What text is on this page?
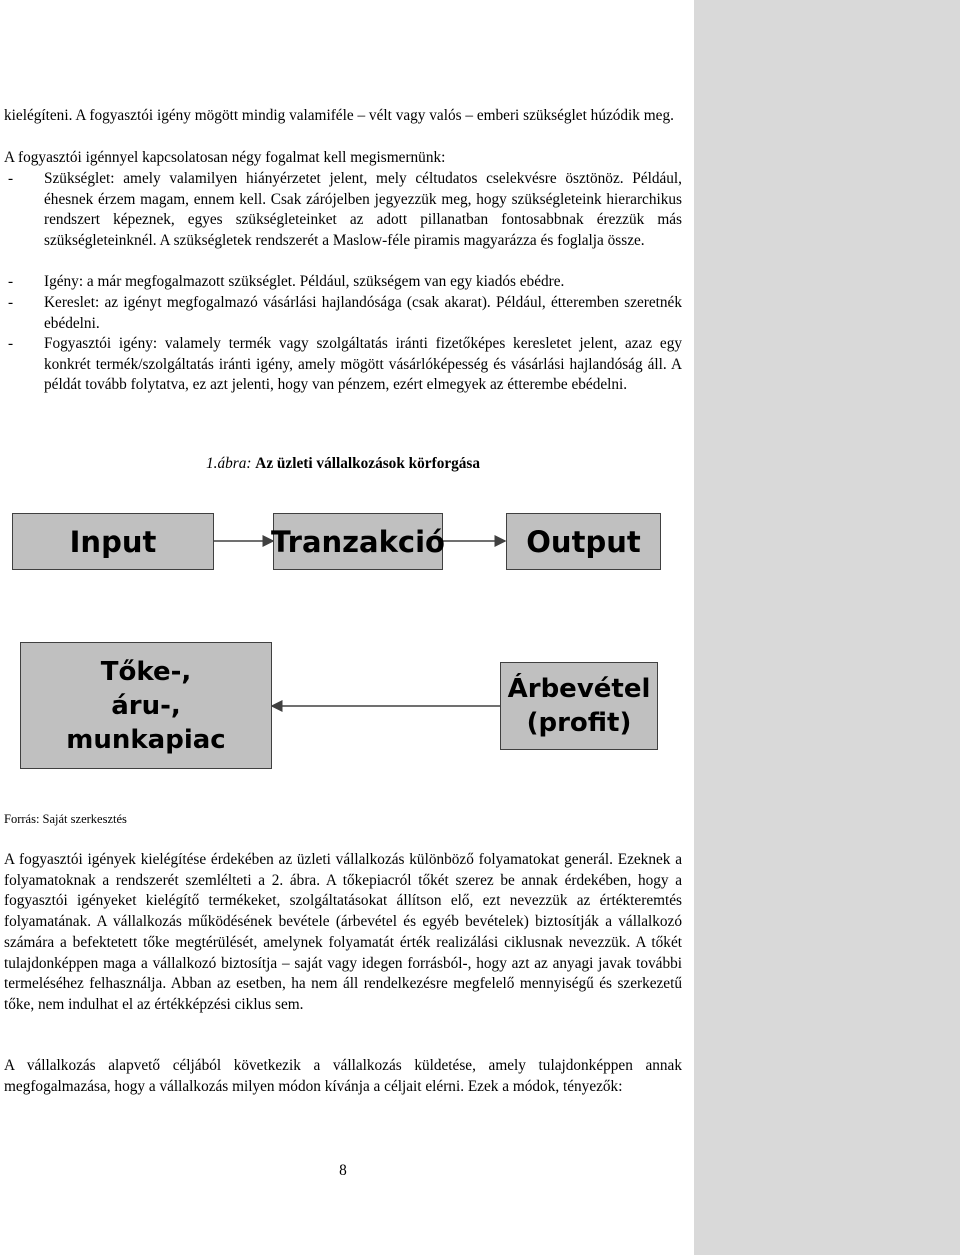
kielégíteni. A fogyasztói igény mögött mindig valamiféle – vélt vagy valós – emberi szükséglet húzódik meg.

A fogyasztói igénnyel kapcsolatosan négy fogalmat kell megismernünk:

-	Szükséglet: amely valamilyen hiányérzetet jelent, mely céltudatos cselekvésre ösztönöz. Például, éhesnek érzem magam, ennem kell. Csak zárójelben jegyezzük meg, hogy szükségleteink hierarchikus rendszert képeznek, egyes szükségleteinket az adott pillanatban fontosabbnak érezzük más szükségleteinknél. A szükségletek rendszerét a Maslow-féle piramis magyarázza és foglalja össze.
-	Igény: a már megfogalmazott szükséglet. Például, szükségem van egy kiadós ebédre.
-	Kereslet: az igényt megfogalmazó vásárlási hajlandósága (csak akarat). Például, étteremben szeretnék ebédelni.
-	Fogyasztói igény: valamely termék vagy szolgáltatás iránti fizetőképes keresletet jelent, azaz egy konkrét termék/szolgáltatás iránti igény, amely mögött vásárlóképesség és vásárlási hajlandóság áll. A példát tovább folytatva, ez azt jelenti, hogy van pénzem, ezért elmegyek az étterembe ebédelni.
1.ábra: Az üzleti vállalkozások körforgása
Forrás: Saját szerkesztés

A fogyasztói igények kielégítése érdekében az üzleti vállalkozás különböző folyamatokat generál. Ezeknek a folyamatoknak a rendszerét szemlélteti a 2. ábra. A tőkepiacról tőkét szerez be annak érdekében, hogy a fogyasztói igényeket kielégítő termékeket, szolgáltatásokat állítson elő, ezt nevezzük az értékteremtés folyamatának. A vállalkozás működésének bevétele (árbevétel és egyéb bevételek) biztosítják a vállalkozó számára a befektetett tőke megtérülését, amelynek folyamatát érték realizálási ciklusnak nevezzük. A tőkét tulajdonképpen maga a vállalkozó biztosítja – saját vagy idegen forrásból-, hogy azt az anyagi javak további termeléséhez felhasználja. Abban az esetben, ha nem áll rendelkezésre megfelelő mennyiségű és szerkezetű tőke, nem indulhat el az értékképzési ciklus sem.

A vállalkozás alapvető céljából következik a vállalkozás küldetése, amely tulajdonképpen annak megfogalmazása, hogy a vállalkozás milyen módon kívánja a céljait elérni. Ezek a módok, tényezők:

8
Input	Tranzakció	Output
Tőke-,
áru-,
munkapiac
Árbevétel
(profit)
